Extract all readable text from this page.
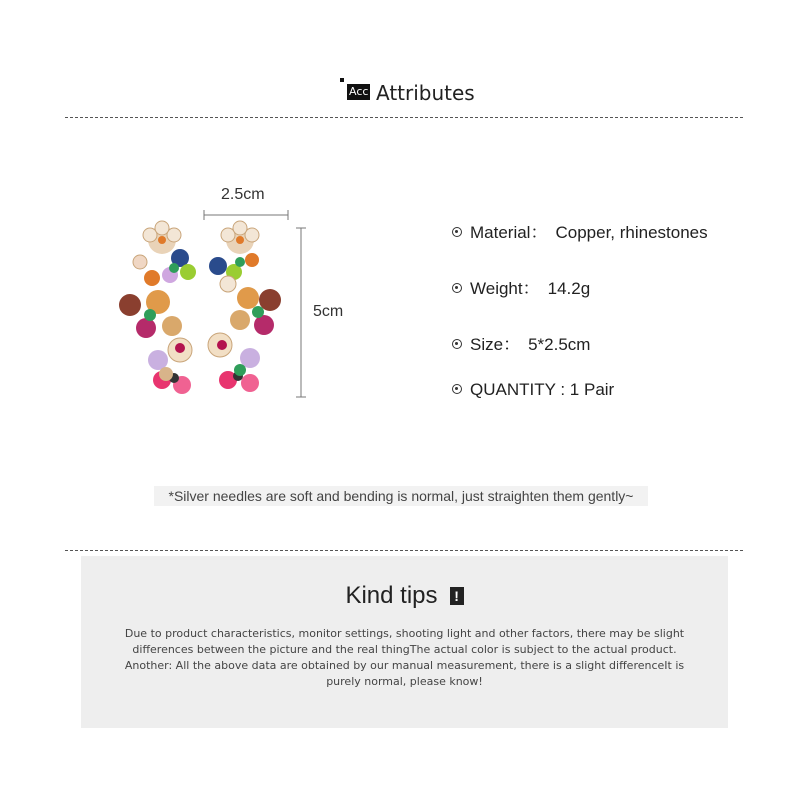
Acc Attributes
2.5cm
5cm
Material： Copper, rhinestones
Weight： 14.2g
Size： 5*2.5cm
QUANTITY : 1 Pair
*Silver needles are soft and bending is normal, just straighten them gently~
Kind tips !
Due to product characteristics, monitor settings, shooting light and other factors, there may be slight differences between the picture and the real thingThe actual color is subject to the actual product. Another: All the above data are obtained by our manual measurement, there is a slight differenceIt is purely normal, please know!
